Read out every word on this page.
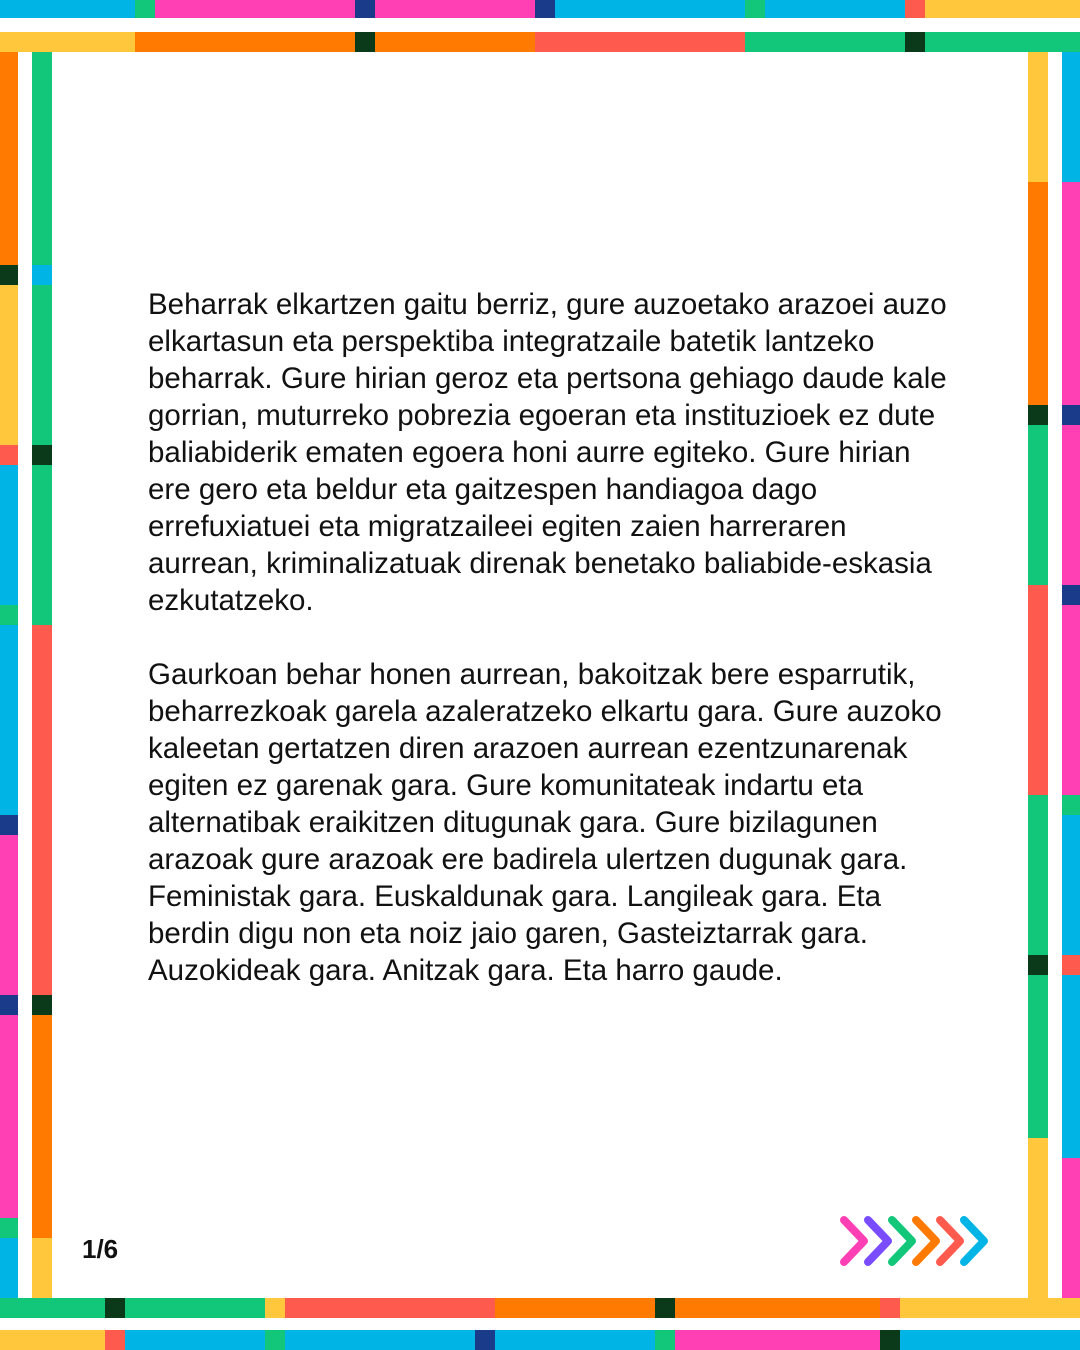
Beharrak elkartzen gaitu berriz, gure auzoetako arazoei auzo elkartasun eta perspektiba integratzaile batetik lantzeko beharrak. Gure hirian geroz eta pertsona gehiago daude kale gorrian, muturreko pobrezia egoeran eta instituzioek ez dute baliabiderik ematen egoera honi aurre egiteko. Gure hirian ere gero eta beldur eta gaitzespen handiagoa dago errefuxiatuei eta migratzaileei egiten zaien harreraren aurrean, kriminalizatuak direnak benetako baliabide-eskasia ezkutatzeko.

Gaurkoan behar honen aurrean, bakoitzak bere esparrutik, beharrezkoak garela azaleratzeko elkartu gara. Gure auzoko kaleetan gertatzen diren arazoen aurrean ezentzunarenak egiten ez garenak gara. Gure komunitateak indartu eta alternatibak eraikitzen ditugunak gara. Gure bizilagunen arazoak gure arazoak ere badirela ulertzen dugunak gara. Feministak gara. Euskaldunak gara. Langileak gara. Eta berdin digu non eta noiz jaio garen, Gasteiztarrak gara. Auzokideak gara. Anitzak gara. Eta harro gaude.

1/6
